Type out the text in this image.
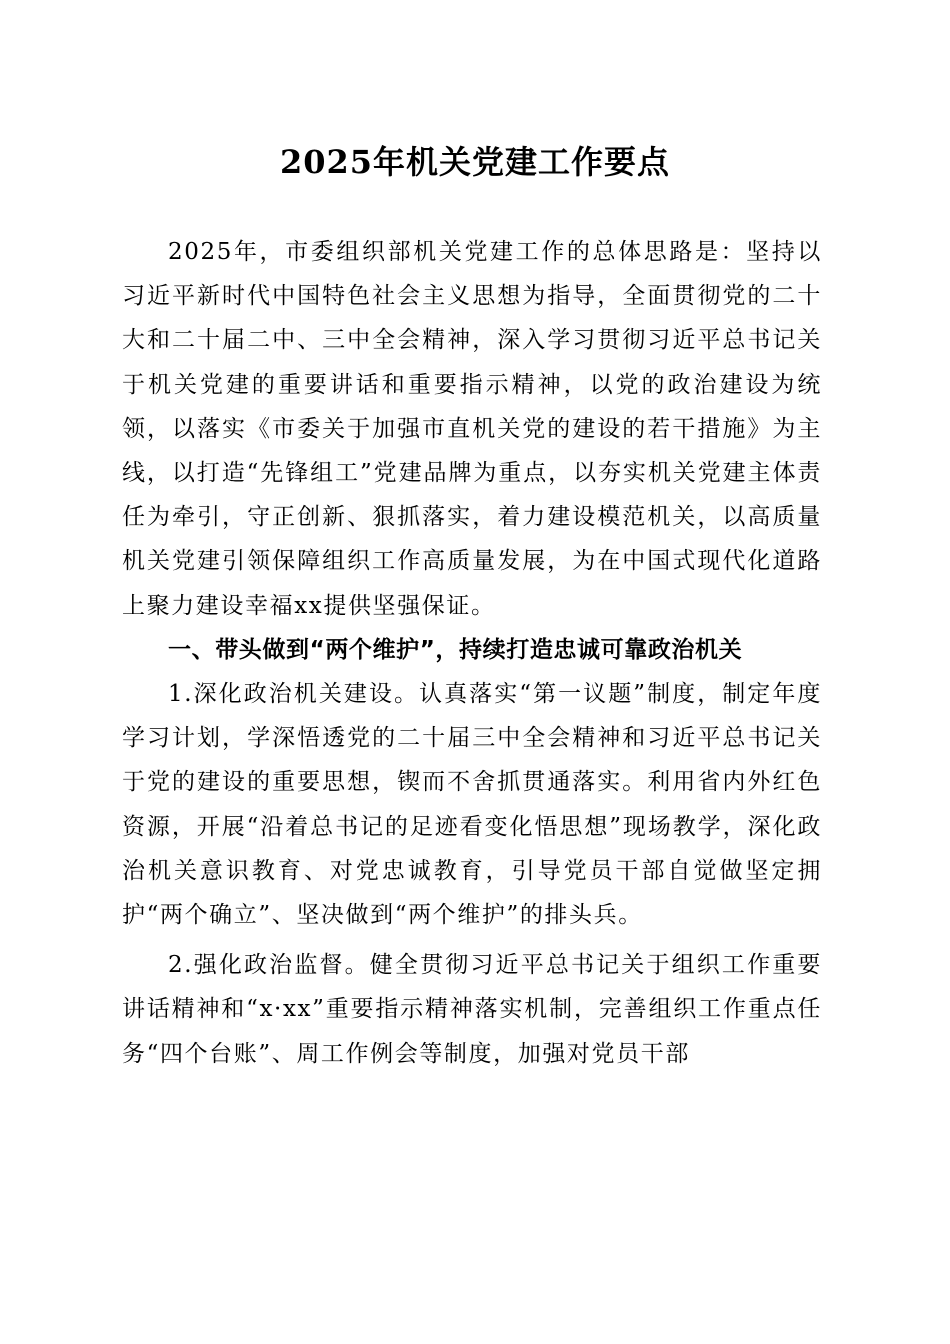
2025年机关党建工作要点

2025年，市委组织部机关党建工作的总体思路是：坚持以习近平新时代中国特色社会主义思想为指导，全面贯彻党的二十大和二十届二中、三中全会精神，深入学习贯彻习近平总书记关于机关党建的重要讲话和重要指示精神，以党的政治建设为统领，以落实《市委关于加强市直机关党的建设的若干措施》为主线，以打造“先锋组工”党建品牌为重点，以夯实机关党建主体责任为牵引，守正创新、狠抓落实，着力建设模范机关，以高质量机关党建引领保障组织工作高质量发展，为在中国式现代化道路上聚力建设幸福xx提供坚强保证。

一、带头做到“两个维护”，持续打造忠诚可靠政治机关

1.深化政治机关建设。认真落实“第一议题”制度，制定年度学习计划，学深悟透党的二十届三中全会精神和习近平总书记关于党的建设的重要思想，锲而不舍抓贯通落实。利用省内外红色资源，开展“沿着总书记的足迹看变化悟思想”现场教学，深化政治机关意识教育、对党忠诚教育，引导党员干部自觉做坚定拥护“两个确立”、坚决做到“两个维护”的排头兵。

2.强化政治监督。健全贯彻习近平总书记关于组织工作重要讲话精神和“x·xx”重要指示精神落实机制，完善组织工作重点任务“四个台账”、周工作例会等制度，加强对党员干部
